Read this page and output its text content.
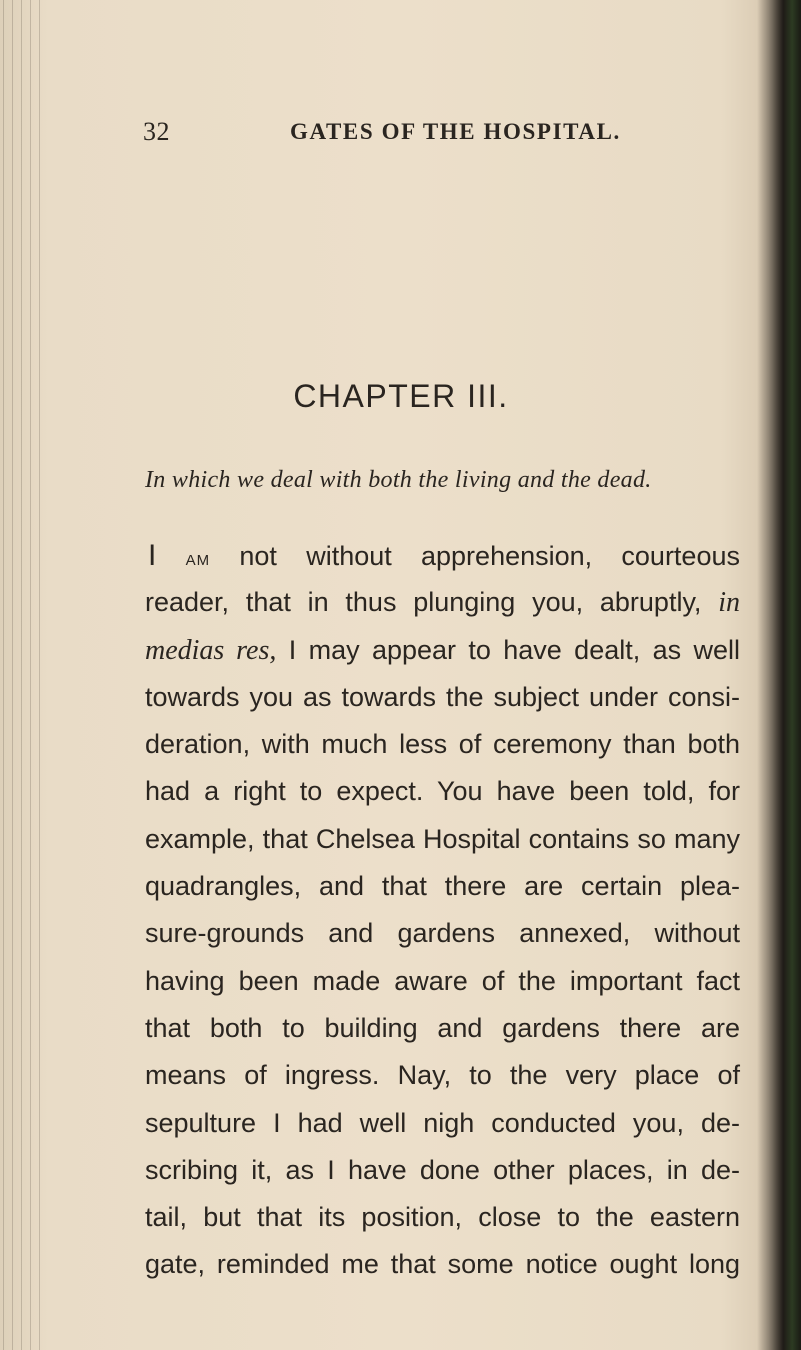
32	GATES OF THE HOSPITAL.
CHAPTER III.
In which we deal with both the living and the dead.
I am not without apprehension, courteous
reader, that in thus plunging you, abruptly, in
medias res, I may appear to have dealt, as well
towards you as towards the subject under consi-
deration, with much less of ceremony than both
had a right to expect. You have been told, for
example, that Chelsea Hospital contains so many
quadrangles, and that there are certain plea-
sure-grounds and gardens annexed, without
having been made aware of the important fact
that both to building and gardens there are
means of ingress. Nay, to the very place of
sepulture I had well nigh conducted you, de-
scribing it, as I have done other places, in de-
tail, but that its position, close to the eastern
gate, reminded me that some notice ought long
